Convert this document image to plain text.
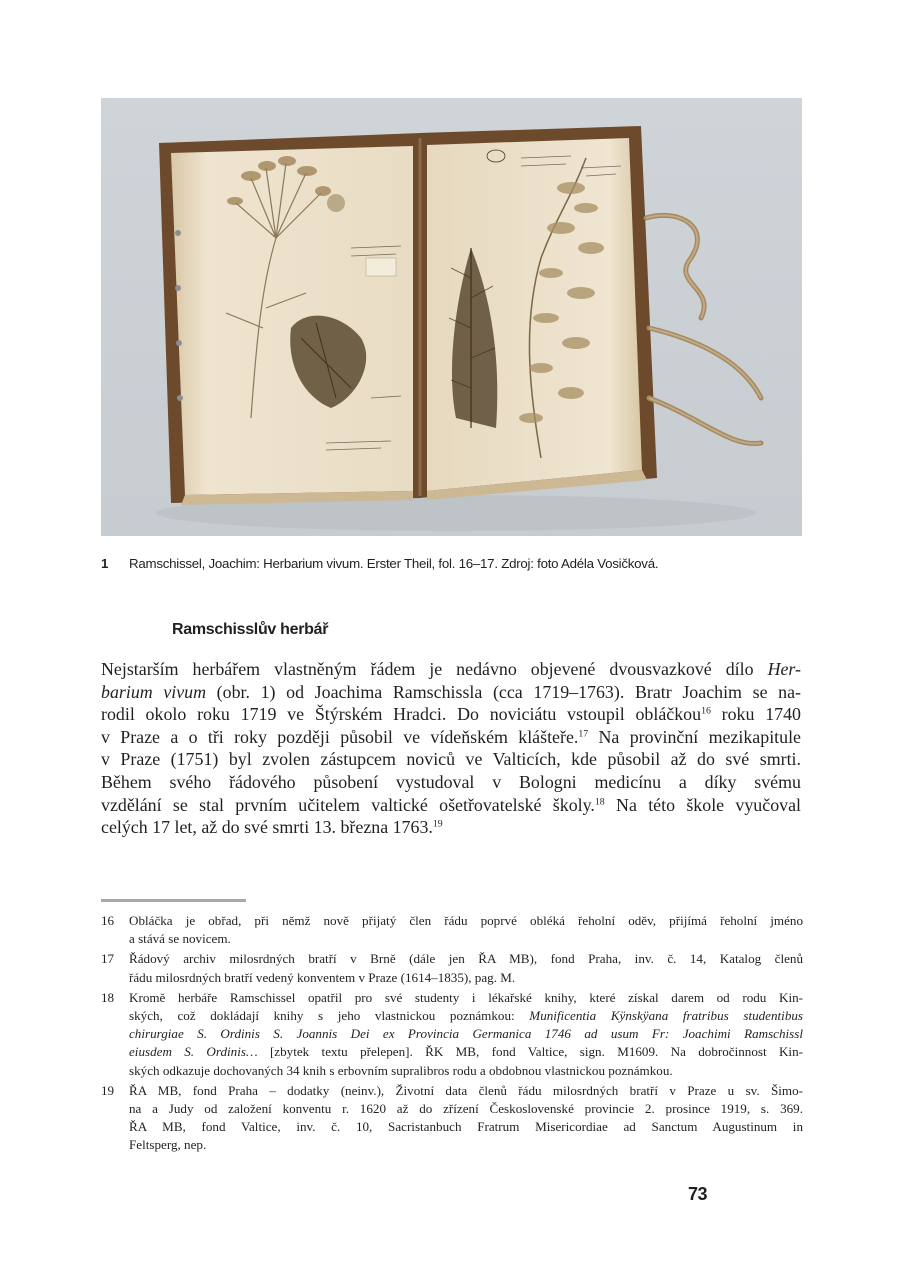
1 Ramschissel, Joachim: Herbarium vivum. Erster Theil, fol. 16–17. Zdroj: foto Adéla Vosičková.
Ramschisslův herbář
Nejstarším herbářem vlastněným řádem je nedávno objevené dvousvazkové dílo Her-
barium vivum (obr. 1) od Joachima Ramschissla (cca 1719–1763). Bratr Joachim se na-
rodil okolo roku 1719 ve Štýrském Hradci. Do noviciátu vstoupil obláčkou$^{16}$ roku 1740
v Praze a o tři roky později působil ve vídeňském klášteře.$^{17}$ Na provinční mezikapitule
v Praze (1751) byl zvolen zástupcem noviců ve Valticích, kde působil až do své smrti.
Během svého řádového působení vystudoval v Bologni medicínu a díky svému
vzdělání se stal prvním učitelem valtické ošetřovatelské školy.$^{18}$ Na této škole vyučoval
celých 17 let, až do své smrti 13. března 1763.19
16 Obláčka je obřad, při němž nově přijatý člen řádu poprvé obléká řeholní oděv, přijímá řeholní jméno
a stává se novicem.
17 Řádový archiv milosrdných bratří v Brně (dále jen ŘA MB), fond Praha, inv. č. 14, Katalog členů
řádu milosrdných bratří vedený konventem v Praze (1614–1835), pag. M.
18 Kromě herbáře Ramschissel opatřil pro své studenty i lékařské knihy, které získal darem od rodu Kin-
ských, což dokládají knihy s jeho vlastnickou poznámkou: Munificentia Kÿnskÿana fratribus studentibus
chirurgiae S. Ordinis S. Joannis Dei ex Provincia Germanica 1746 ad usum Fr: Joachimi Ramschissl
eiusdem S. Ordinis… [zbytek textu přelepen]. ŘK MB, fond Valtice, sign. M1609. Na dobročinnost Kin-
ských odkazuje dochovaných 34 knih s erbovním supralibros rodu a obdobnou vlastnickou poznámkou.
19 ŘA MB, fond Praha – dodatky (neinv.), Životní data členů řádu milosrdných bratří v Praze u sv. Šimo-
na a Judy od založení konventu r. 1620 až do zřízení Československé provincie 2. prosince 1919, s. 369.
ŘA MB, fond Valtice, inv. č. 10, Sacristanbuch Fratrum Misericordiae ad Sanctum Augustinum in
Feltsperg, nep.
73
